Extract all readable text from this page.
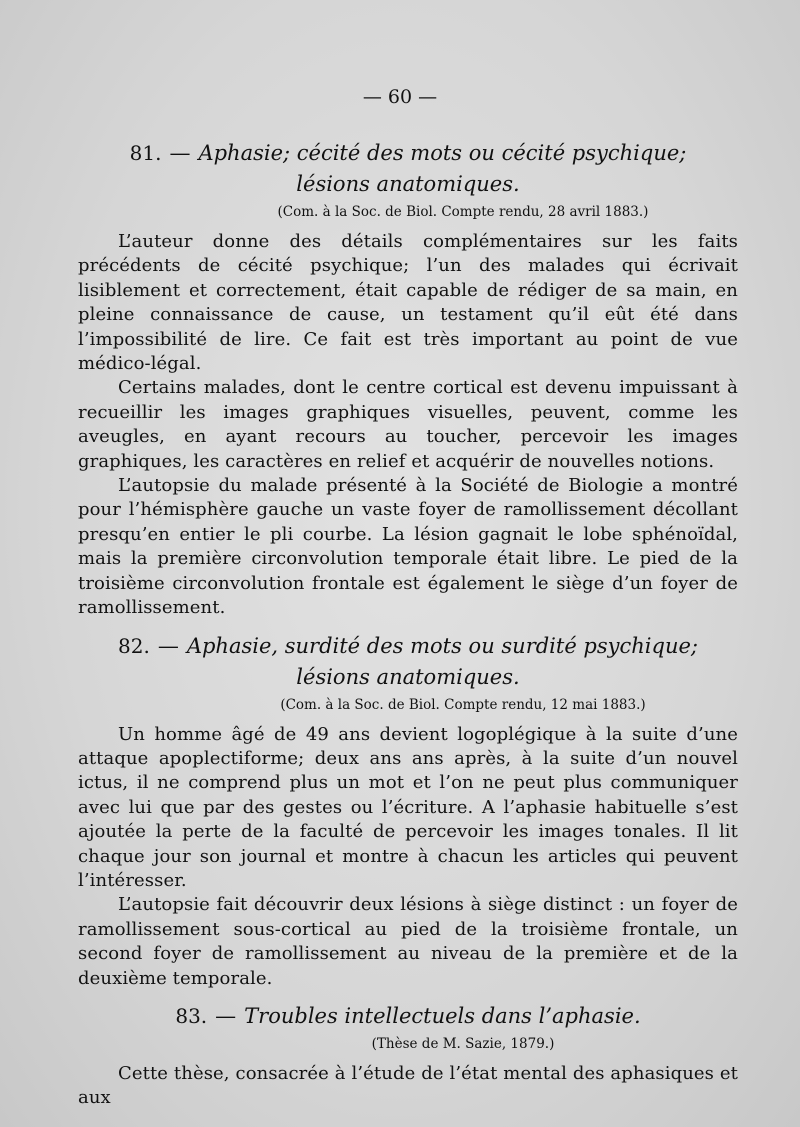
— 60 —
81. — Aphasie; cécité des mots ou cécité psychique;
lésions anatomiques.
(Com. à la Soc. de Biol. Compte rendu, 28 avril 1883.)

L’auteur donne des détails complémentaires sur les faits précédents de cécité psychique; l’un des malades qui écrivait lisiblement et correctement, était capable de rédiger de sa main, en pleine connaissance de cause, un testament qu’il eût été dans l’impossibilité de lire. Ce fait est très important au point de vue médico-légal.

Certains malades, dont le centre cortical est devenu impuissant à recueillir les images graphiques visuelles, peuvent, comme les aveugles, en ayant recours au toucher, percevoir les images graphiques, les caractères en relief et acquérir de nouvelles notions.

L’autopsie du malade présenté à la Société de Biologie a montré pour l’hémisphère gauche un vaste foyer de ramollissement décollant presqu’en entier le pli courbe. La lésion gagnait le lobe sphénoïdal, mais la première circonvolution temporale était libre. Le pied de la troisième circonvolution frontale est également le siège d’un foyer de ramollissement.

82. — Aphasie, surdité des mots ou surdité psychique;
lésions anatomiques.
(Com. à la Soc. de Biol. Compte rendu, 12 mai 1883.)

Un homme âgé de 49 ans devient logoplégique à la suite d’une attaque apoplectiforme; deux ans ans après, à la suite d’un nouvel ictus, il ne comprend plus un mot et l’on ne peut plus communiquer avec lui que par des gestes ou l’écriture. A l’aphasie habituelle s’est ajoutée la perte de la faculté de percevoir les images tonales. Il lit chaque jour son journal et montre à chacun les articles qui peuvent l’intéresser.

L’autopsie fait découvrir deux lésions à siège distinct : un foyer de ramollissement sous-cortical au pied de la troisième frontale, un second foyer de ramollissement au niveau de la première et de la deuxième temporale.

83. — Troubles intellectuels dans l’aphasie.
(Thèse de M. Sazie, 1879.)

Cette thèse, consacrée à l’étude de l’état mental des aphasiques et aux
